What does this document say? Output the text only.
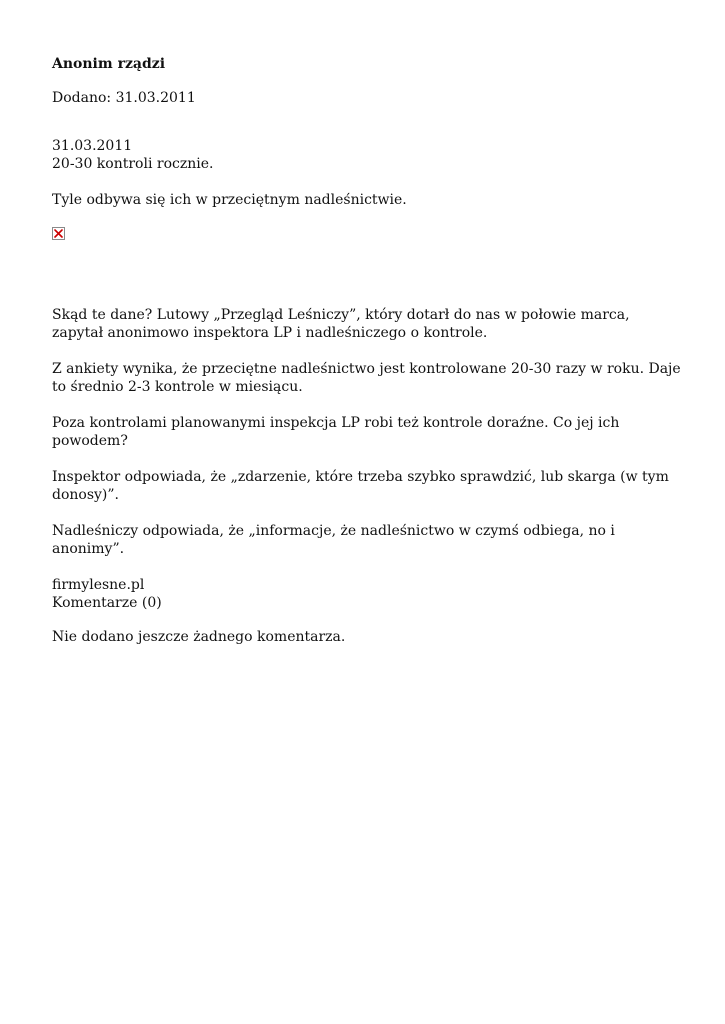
Anonim rządzi

Dodano: 31.03.2011

31.03.2011

20-30 kontroli rocznie.

Tyle odbywa się ich w przeciętnym nadleśnictwie.

Skąd te dane? Lutowy „Przegląd Leśniczy”, który dotarł do nas w połowie marca, zapytał anonimowo inspektora LP i nadleśniczego o kontrole.

Z ankiety wynika, że przeciętne nadleśnictwo jest kontrolowane 20-30 razy w roku. Daje to średnio 2-3 kontrole w miesiącu.

Poza kontrolami planowanymi inspekcja LP robi też kontrole doraźne. Co jej ich powodem?

Inspektor odpowiada, że „zdarzenie, które trzeba szybko sprawdzić, lub skarga (w tym donosy)”.

Nadleśniczy odpowiada, że „informacje, że nadleśnictwo w czymś odbiega, no i anonimy”.

firmylesne.pl

Komentarze (0)

Nie dodano jeszcze żadnego komentarza.
